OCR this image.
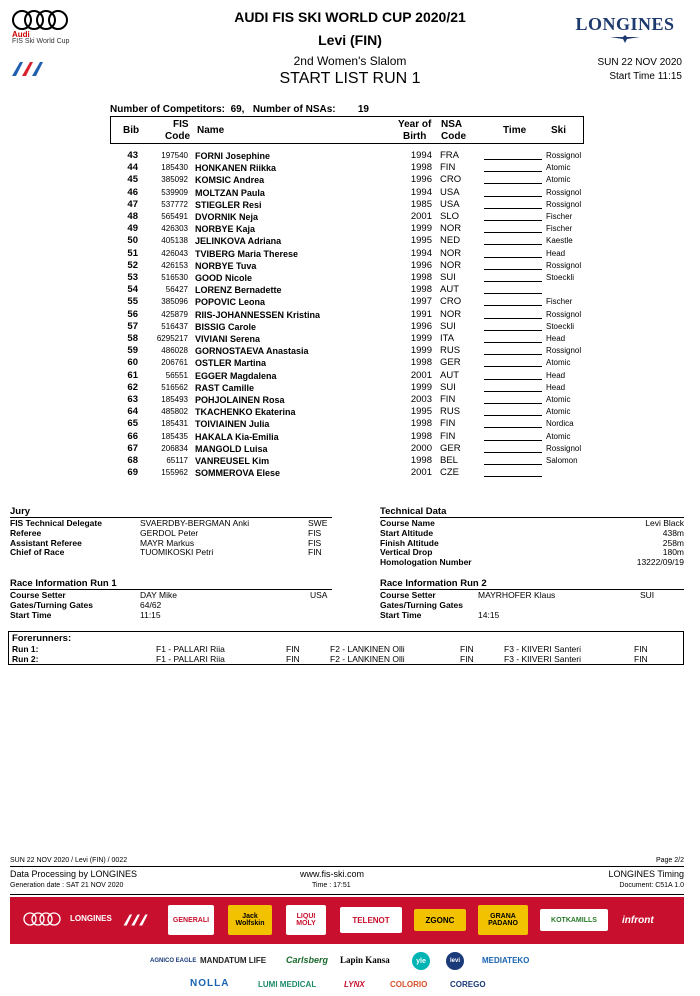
Audi
FIS Ski World Cup
AUDI FIS SKI WORLD CUP 2020/21
Levi (FIN)
2nd Women's Slalom
START LIST RUN 1
LONGINES
SUN 22 NOV 2020
Start Time 11:15
Number of Competitors: 69, Number of NSAs: 19
Bib
FIS
Code
Name
Year of
Birth
NSA
Code
Time Ski
43	197540 FORNI Josephine	1994 FRA	Rossignol
44	185430 HONKANEN Riikka	1998 FIN	Atomic
45	385092 KOMSIC Andrea	1996 CRO	Atomic
46	539909 MOLTZAN Paula	1994 USA	Rossignol
47	537772 STIEGLER Resi	1985 USA	Rossignol
48	565491 DVORNIK Neja	2001 SLO	Fischer
49	426303 NORBYE Kaja	1999 NOR	Fischer
50	405138 JELINKOVA Adriana	1995 NED	Kaestle
51	426043 TVIBERG Maria Therese	1994 NOR	Head
52	426153 NORBYE Tuva	1996 NOR	Rossignol
53	516530 GOOD Nicole	1998 SUI	Stoeckli
54	56427 LORENZ Bernadette	1998 AUT
55	385096 POPOVIC Leona	1997 CRO	Fischer
56	425879 RIIS-JOHANNESSEN Kristina	1991 NOR	Rossignol
57	516437 BISSIG Carole	1996 SUI	Stoeckli
58	6295217 VIVIANI Serena	1999 ITA	Head
59	486028 GORNOSTAEVA Anastasia	1999 RUS	Rossignol
60	206761 OSTLER Martina	1998 GER	Atomic
61	56551 EGGER Magdalena	2001 AUT	Head
62	516562 RAST Camille	1999 SUI	Head
63	185493 POHJOLAINEN Rosa	2003 FIN	Atomic
64	485802 TKACHENKO Ekaterina	1995 RUS	Atomic
65	185431 TOIVIAINEN Julia	1998 FIN	Nordica
66	185435 HAKALA Kia-Emilia	1998 FIN	Atomic
67	206834 MANGOLD Luisa	2000 GER	Rossignol
68	65117 VANREUSEL Kim	1998 BEL	Salomon
69	155962 SOMMEROVA Elese	2001 CZE
Jury
FIS Technical Delegate	SVAERDBY-BERGMAN Anki	SWE
Referee	GERDOL Peter	FIS
Assistant Referee	MAYR Markus	FIS
Chief of Race	TUOMIKOSKI Petri	FIN
Technical Data
Course Name	Levi Black
Start Altitude	438m
Finish Altitude	258m
Vertical Drop	180m
Homologation Number	13222/09/19
Race Information Run 1
Course Setter	DAY Mike	USA
Gates/Turning Gates	64/62
Start Time	11:15
Race Information Run 2
Course Setter	MAYRHOFER Klaus	SUI
Gates/Turning Gates
Start Time	14:15
Forerunners:
Run 1:	F1 - PALLARI Riia	FIN	F2 - LANKINEN Olli	FIN	F3 - KIIVERI Santeri	FIN
Run 2:	F1 - PALLARI Riia	FIN	F2 - LANKINEN Olli	FIN	F3 - KIIVERI Santeri	FIN
SUN 22 NOV 2020 / Levi (FIN) / 0022	Page 2/2
Data Processing by LONGINES	www.fis-ski.com	LONGINES Timing
Generation date : SAT 21 NOV 2020	Time : 17:51	Document: C51A 1.0
LONGINES	GENERALI	Jack Wolfskin
LIQUI MOLY	TELENOT	ZGONC	GRANA PADANO	KOTKAMILLS	infront
AGNICO EAGLE MANDATUM LIFE Carlsberg Lapin Kansa	yle	levi	MEDIATEKO
NOLLA	LUMI MEDICAL	LYNX	COLORIO	COREGO
